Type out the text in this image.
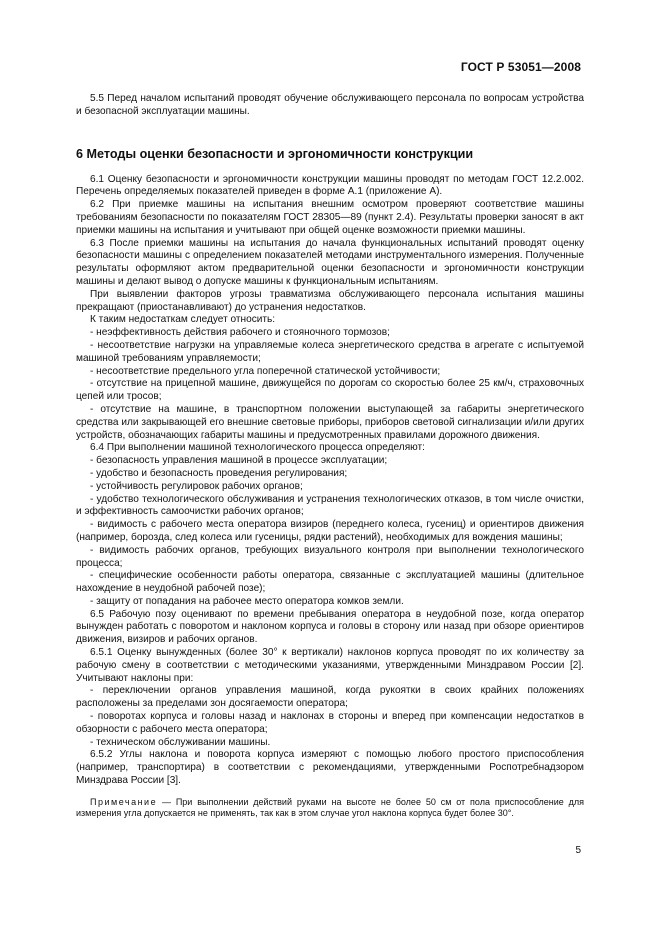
ГОСТ Р 53051—2008

5.5 Перед началом испытаний проводят обучение обслуживающего персонала по вопросам устройства и безопасной эксплуатации машины.

6 Методы оценки безопасности и эргономичности конструкции

6.1 Оценку безопасности и эргономичности конструкции машины проводят по методам ГОСТ 12.2.002. Перечень определяемых показателей приведен в форме А.1 (приложение А).

6.2 При приемке машины на испытания внешним осмотром проверяют соответствие машины требованиям безопасности по показателям ГОСТ 28305—89 (пункт 2.4). Результаты проверки заносят в акт приемки машины на испытания и учитывают при общей оценке возможности приемки машины.

6.3 После приемки машины на испытания до начала функциональных испытаний проводят оценку безопасности машины с определением показателей методами инструментального измерения. Полученные результаты оформляют актом предварительной оценки безопасности и эргономичности конструкции машины и делают вывод о допуске машины к функциональным испытаниям.

При выявлении факторов угрозы травматизма обслуживающего персонала испытания машины прекращают (приостанавливают) до устранения недостатков.

К таким недостаткам следует относить:

- неэффективность действия рабочего и стояночного тормозов;

- несоответствие нагрузки на управляемые колеса энергетического средства в агрегате с испытуемой машиной требованиям управляемости;

- несоответствие предельного угла поперечной статической устойчивости;

- отсутствие на прицепной машине, движущейся по дорогам со скоростью более 25 км/ч, страховочных цепей или тросов;

- отсутствие на машине, в транспортном положении выступающей за габариты энергетического средства или закрывающей его внешние световые приборы, приборов световой сигнализации и/или других устройств, обозначающих габариты машины и предусмотренных правилами дорожного движения.

6.4 При выполнении машиной технологического процесса определяют:

- безопасность управления машиной в процессе эксплуатации;

- удобство и безопасность проведения регулирования;

- устойчивость регулировок рабочих органов;

- удобство технологического обслуживания и устранения технологических отказов, в том числе очистки, и эффективность самоочистки рабочих органов;

- видимость с рабочего места оператора визиров (переднего колеса, гусениц) и ориентиров движения (например, борозда, след колеса или гусеницы, рядки растений), необходимых для вождения машины;

- видимость рабочих органов, требующих визуального контроля при выполнении технологического процесса;

- специфические особенности работы оператора, связанные с эксплуатацией машины (длительное нахождение в неудобной рабочей позе);

- защиту от попадания на рабочее место оператора комков земли.

6.5 Рабочую позу оценивают по времени пребывания оператора в неудобной позе, когда оператор вынужден работать с поворотом и наклоном корпуса и головы в сторону или назад при обзоре ориентиров движения, визиров и рабочих органов.

6.5.1 Оценку вынужденных (более 30° к вертикали) наклонов корпуса проводят по их количеству за рабочую смену в соответствии с методическими указаниями, утвержденными Минздравом России [2]. Учитывают наклоны при:

- переключении органов управления машиной, когда рукоятки в своих крайних положениях расположены за пределами зон досягаемости оператора;

- поворотах корпуса и головы назад и наклонах в стороны и вперед при компенсации недостатков в обзорности с рабочего места оператора;

- техническом обслуживании машины.

6.5.2 Углы наклона и поворота корпуса измеряют с помощью любого простого приспособления (например, транспортира) в соответствии с рекомендациями, утвержденными Роспотребнадзором Минздрава России [3].

Примечание — При выполнении действий руками на высоте не более 50 см от пола приспособление для измерения угла допускается не применять, так как в этом случае угол наклона корпуса будет более 30°.

5
